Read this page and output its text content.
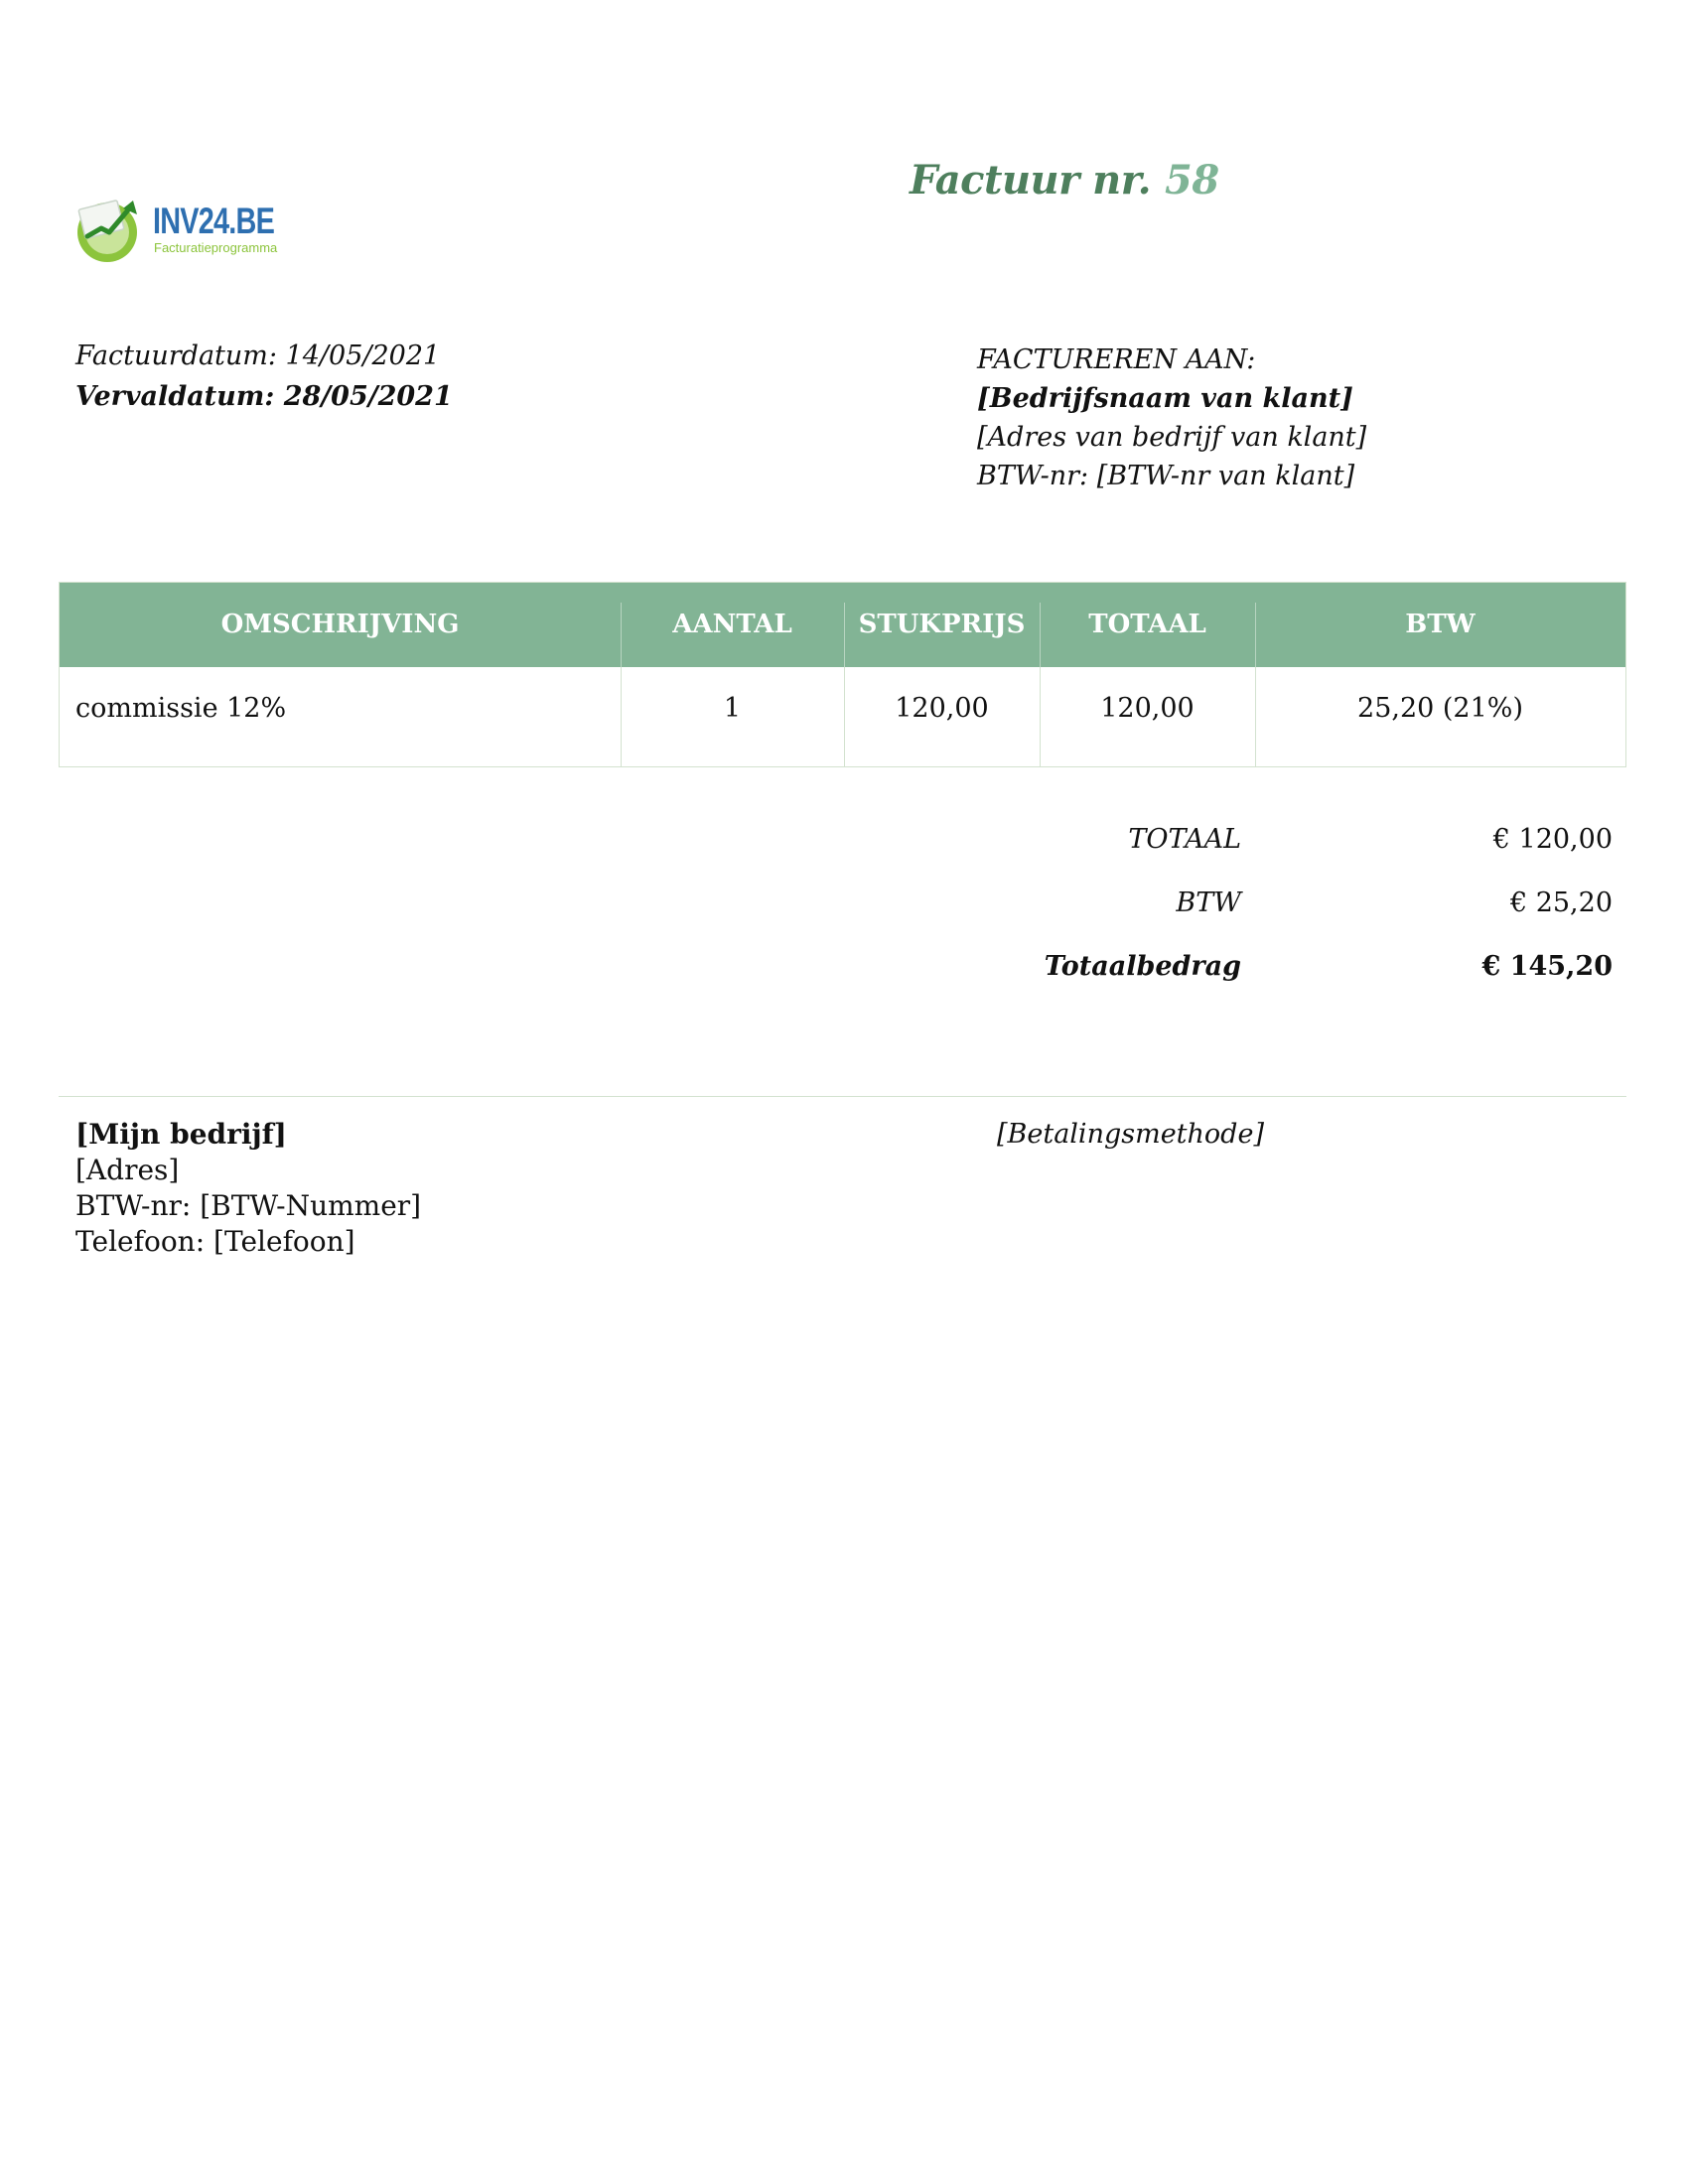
INV24.BE
Facturatieprogramma
Factuur nr. 58
Factuurdatum: 14/05/2021
Vervaldatum: 28/05/2021
FACTUREREN AAN:
[Bedrijfsnaam van klant]
[Adres van bedrijf van klant]
BTW-nr: [BTW-nr van klant]
OMSCHRIJVING	AANTAL	STUKPRIJS	TOTAAL	BTW
commissie 12%	1	120,00	120,00	25,20 (21%)
TOTAAL	€ 120,00
BTW	€ 25,20
Totaalbedrag	€ 145,20
[Mijn bedrijf]
[Adres]
BTW-nr: [BTW-Nummer]
Telefoon: [Telefoon]
[Betalingsmethode]
